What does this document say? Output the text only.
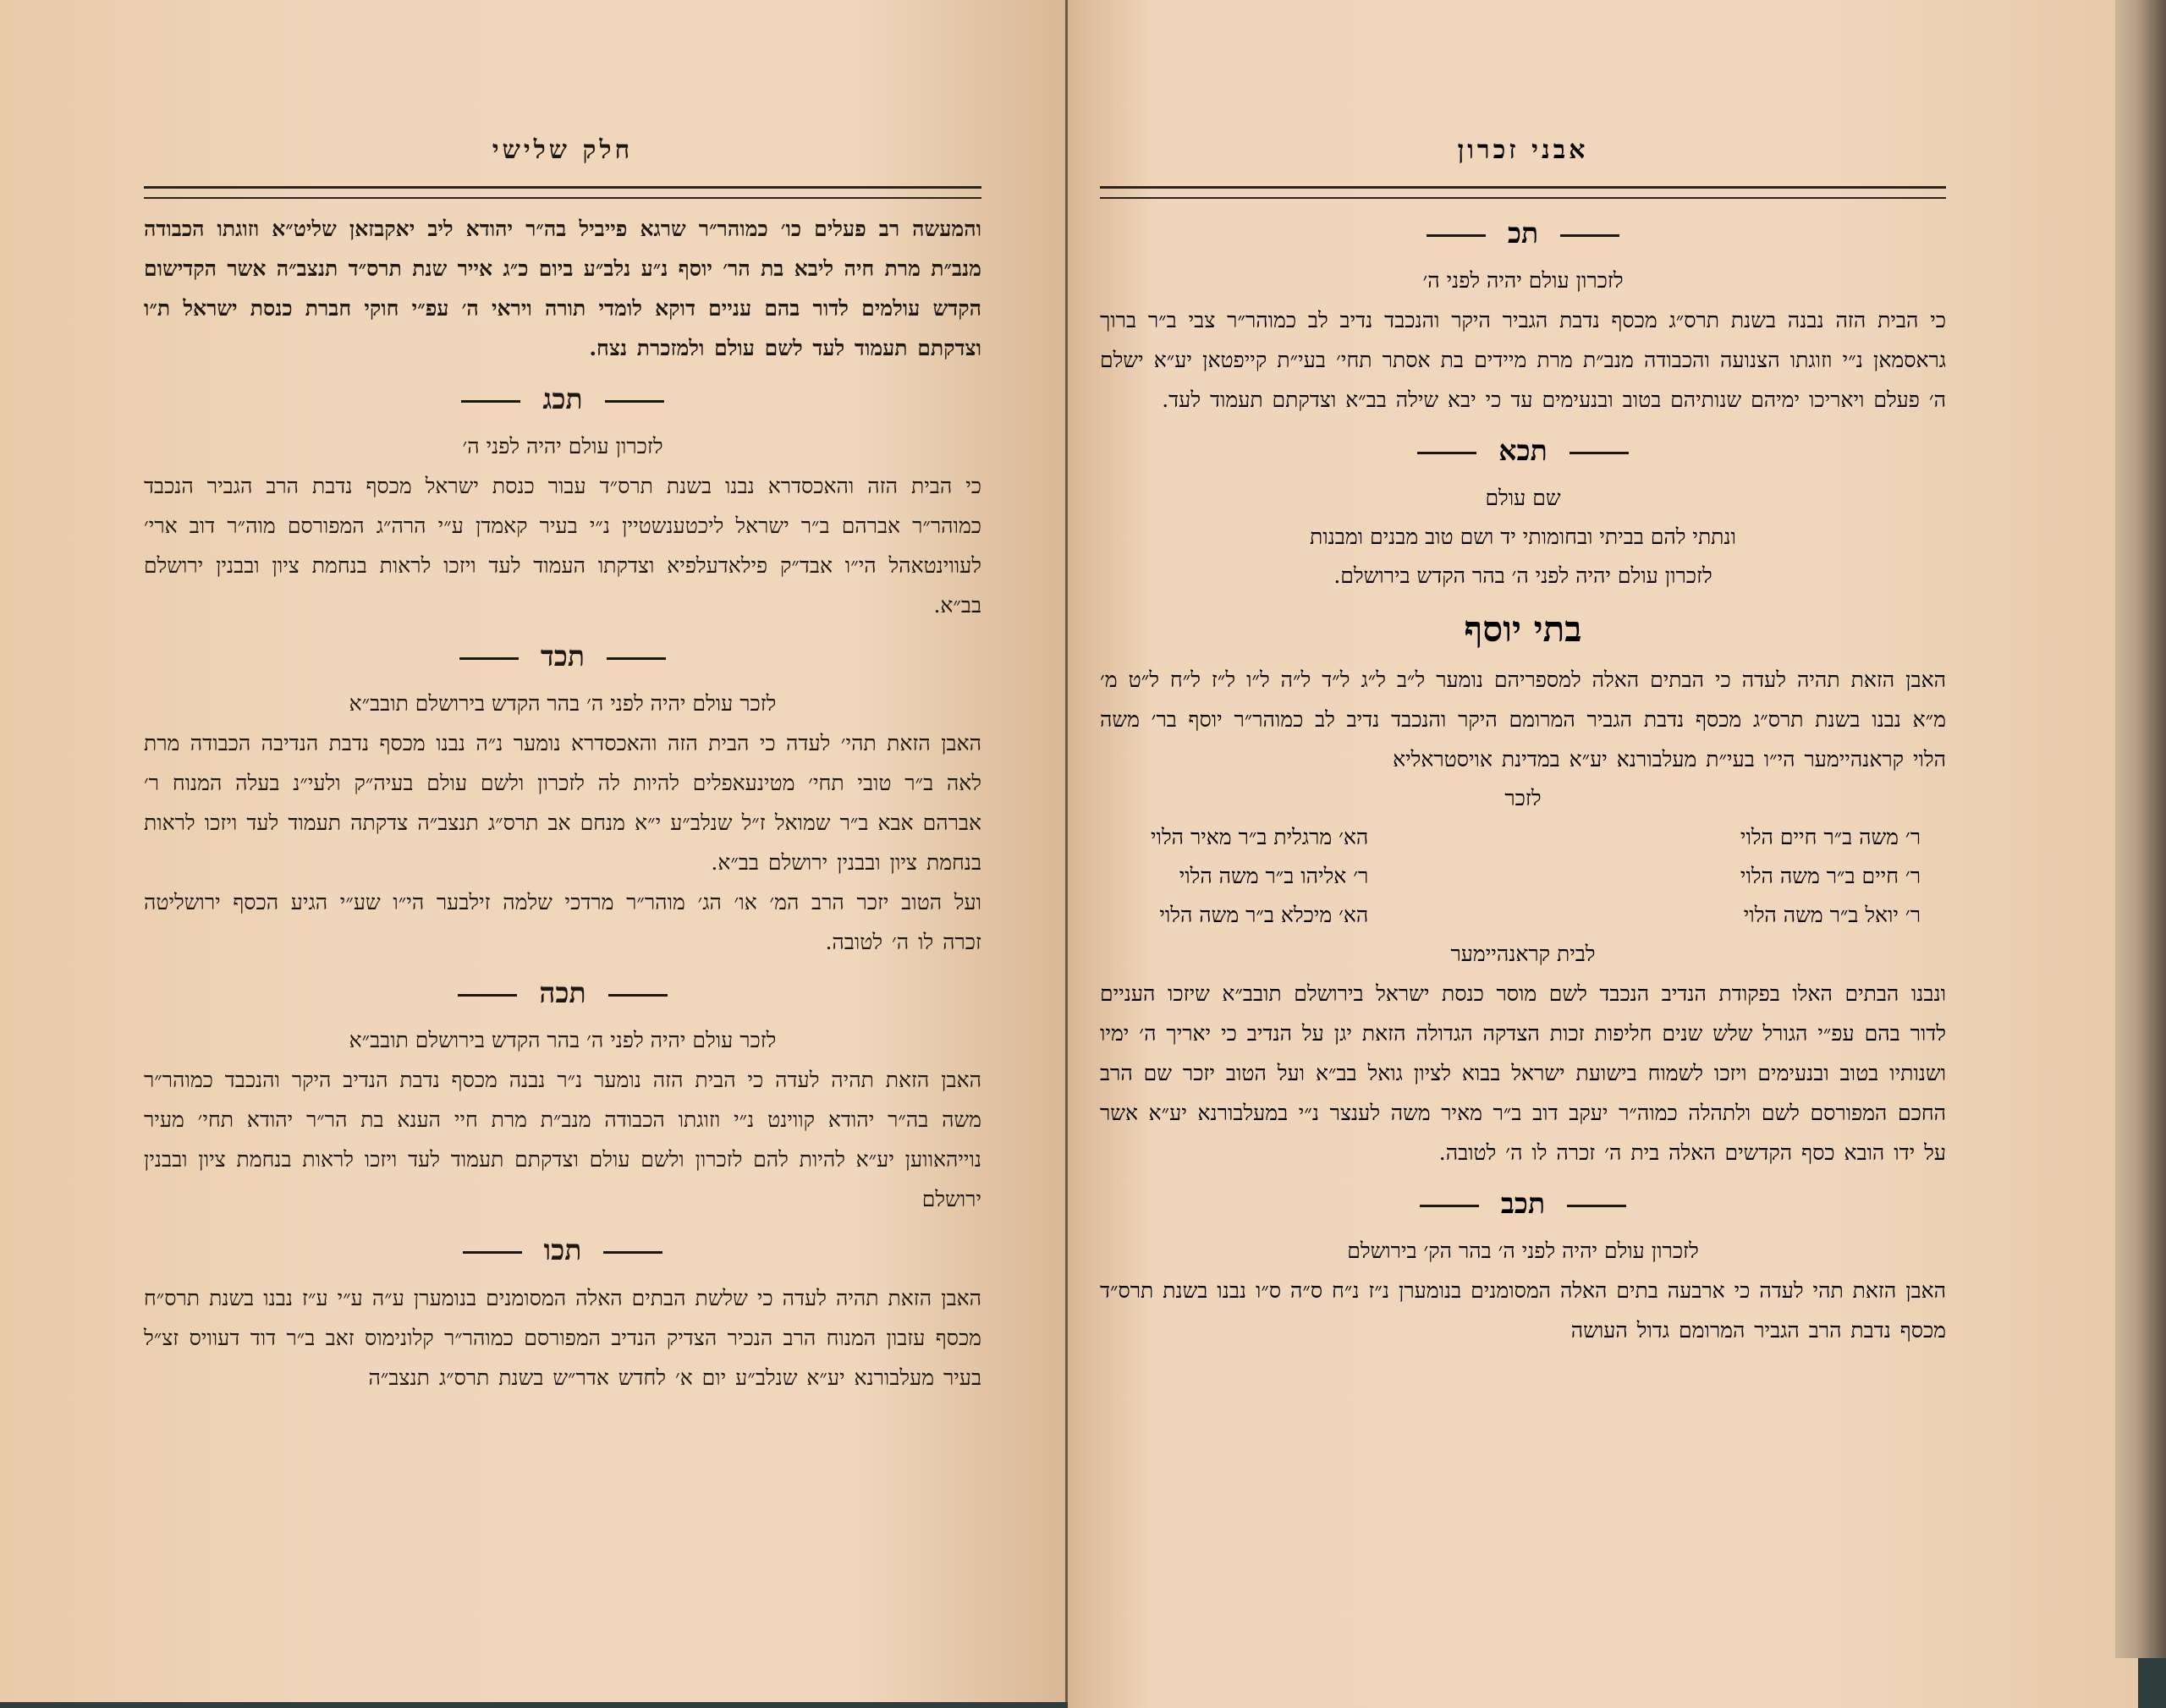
חלק שלישי

והמעשה רב פעלים כו׳ כמוהר״ר שרגא פייביל בה״ר יהודא ליב יאקבזאן שליט״א וזוגתו הכבודה מנב״ת מרת חיה ליבא בת הר׳ יוסף נ״ע נלב״ע ביום כ״ג אייר שנת תרס״ד תנצב״ה אשר הקדישום הקדש עולמים לדור בהם עניים דוקא לומדי תורה ויראי ה׳ עפ״י חוקי חברת כנסת ישראל ת״ו וצדקתם תעמוד לעד לשם עולם ולמזכרת נצח.

תכג

לזכרון עולם יהיה לפני ה׳

כי הבית הזה והאכסדרא נבנו בשנת תרס״ד עבור כנסת ישראל מכסף נדבת הרב הגביר הנכבד כמוהר״ר אברהם ב״ר ישראל ליכטענשטיין נ״י בעיר קאמדן ע״י הרה״ג המפורסם מוה״ר דוב ארי׳ לעווינטאהל הי״ו אבד״ק פילאדעלפיא וצדקתו העמוד לעד ויזכו לראות בנחמת ציון ובבנין ירושלם בב״א.

תכד

לזכר עולם יהיה לפני ה׳ בהר הקדש בירושלם תובב״א

האבן הזאת תהי׳ לעדה כי הבית הזה והאכסדרא נומער נ״ה נבנו מכסף נדבת הנדיבה הכבודה מרת לאה ב״ר טובי תחי׳ מטינעאפלים להיות לה לזכרון ולשם עולם בעיה״ק ולעי״נ בעלה המנוח ר׳ אברהם אבא ב״ר שמואל ז״ל שנלב״ע י״א מנחם אב תרס״ג תנצב״ה צדקתה תעמוד לעד ויזכו לראות בנחמת ציון ובבנין ירושלם בב״א.

ועל הטוב יזכר הרב המ׳ או׳ הג׳ מוהר״ר מרדכי שלמה זילבער הי״ו שע״י הגיע הכסף ירושליטה זכרה לו ה׳ לטובה.

תכה

לזכר עולם יהיה לפני ה׳ בהר הקדש בירושלם תובב״א

האבן הזאת תהיה לעדה כי הבית הזה נומער נ״ר נבנה מכסף נדבת הנדיב היקר והנכבד כמוהר״ר משה בה״ר יהודא קווינט נ״י וזוגתו הכבודה מנב״ת מרת חיי הענא בת הר״ר יהודא תחי׳ מעיר נוייהאווען יע״א להיות להם לזכרון ולשם עולם וצדקתם תעמוד לעד ויזכו לראות בנחמת ציון ובבנין ירושלם

תכו

האבן הזאת תהיה לעדה כי שלשת הבתים האלה המסומנים בנומערן ע״ה ע״י ע״ז נבנו בשנת תרס״ח מכסף עזבון המנוח הרב הנכיר הצדיק הנדיב המפורסם כמוהר״ר קלונימוס זאב ב״ר דוד דעוויס זצ״ל בעיר מעלבורנא יע״א שנלב״ע יום א׳ לחדש אדר״ש בשנת תרס״ג תנצב״ה

אבני זכרון
תכ

לזכרון עולם יהיה לפני ה׳

כי הבית הזה נבנה בשנת תרס״ג מכסף נדבת הגביר היקר והנכבד נדיב לב כמוהר״ר צבי ב״ר ברוך גראסמאן נ״י וזוגתו הצנועה והכבודה מנב״ת מרת מיידים בת אסתר תחי׳ בעי״ת קייפטאן יע״א ישלם ה׳ פעלם ויאריכו ימיהם שנותיהם בטוב ובנעימים עד כי יבא שילה בב״א וצדקתם תעמוד לעד.

תכא

שם עולם

ונתתי להם בביתי ובחומותי יד ושם טוב מבנים ומבנות

לזכרון עולם יהיה לפני ה׳ בהר הקדש בירושלם.

בתי יוסף

האבן הזאת תהיה לעדה כי הבתים האלה למספריהם נומער ל״ב ל״ג ל״ד ל״ה ל״ו ל״ז ל״ח ל״ט מ׳ מ״א נבנו בשנת תרס״ג מכסף נדבת הגביר המרומם היקר והנכבד נדיב לב כמוהר״ר יוסף בר׳ משה הלוי קראנהיימער הי״ו בעי״ת מעלבורנא יע״א במדינת אויסטראליא

לזכר

ר׳ משה ב״ר חיים הלוי
ר׳ חיים ב״ר משה הלוי
ר׳ יואל ב״ר משה הלוי
הא׳ מרגלית ב״ר מאיר הלוי
ר׳ אליהו ב״ר משה הלוי
הא׳ מיכלא ב״ר משה הלוי

לבית קראנהיימער

ונבנו הבתים האלו בפקודת הנדיב הנכבד לשם מוסר כנסת ישראל בירושלם תובב״א שיזכו העניים לדור בהם עפ״י הגורל שלש שנים חליפות זכות הצדקה הגדולה הזאת יגן על הנדיב כי יאריך ה׳ ימיו ושנותיו בטוב ובנעימים ויזכו לשמוח בישועת ישראל בבוא לציון גואל בב״א ועל הטוב יזכר שם הרב החכם המפורסם לשם ולתהלה כמוה״ר יעקב דוב ב״ר מאיר משה לענצר נ״י במעלבורנא יע״א אשר על ידו הובא כסף הקדשים האלה בית ה׳ זכרה לו ה׳ לטובה.

תכב

לזכרון עולם יהיה לפני ה׳ בהר הק׳ בירושלם

האבן הזאת תהי לעדה כי ארבעה בתים האלה המסומנים בנומערן נ״ז נ״ח ס״ה ס״ו נבנו בשנת תרס״ד מכסף נדבת הרב הגביר המרומם גדול העושה
